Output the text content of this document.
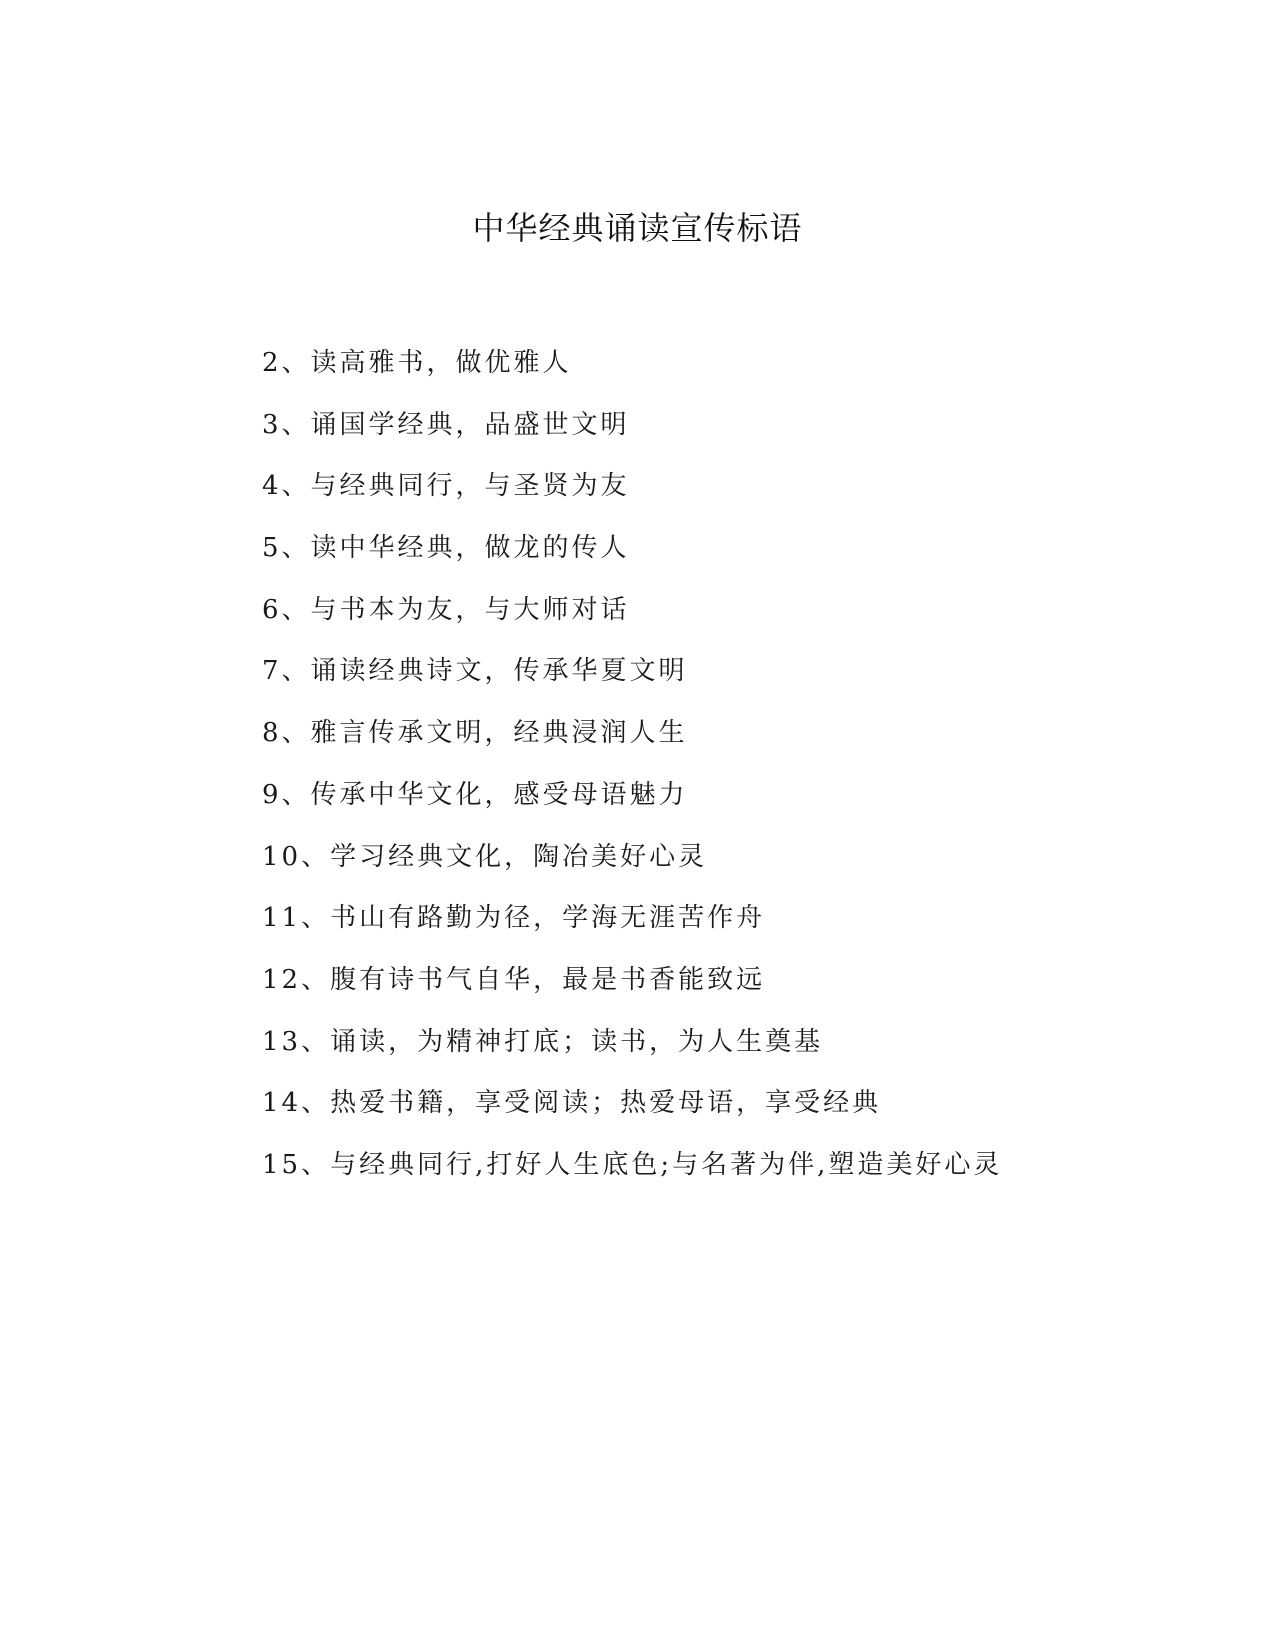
中华经典诵读宣传标语
2、读高雅书，做优雅人
3、诵国学经典，品盛世文明
4、与经典同行，与圣贤为友
5、读中华经典，做龙的传人
6、与书本为友，与大师对话
7、诵读经典诗文，传承华夏文明
8、雅言传承文明，经典浸润人生
9、传承中华文化，感受母语魅力
10、学习经典文化，陶冶美好心灵
11、书山有路勤为径，学海无涯苦作舟
12、腹有诗书气自华，最是书香能致远
13、诵读，为精神打底；读书，为人生奠基
14、热爱书籍，享受阅读；热爱母语，享受经典
15、与经典同行,打好人生底色;与名著为伴,塑造美好心灵
